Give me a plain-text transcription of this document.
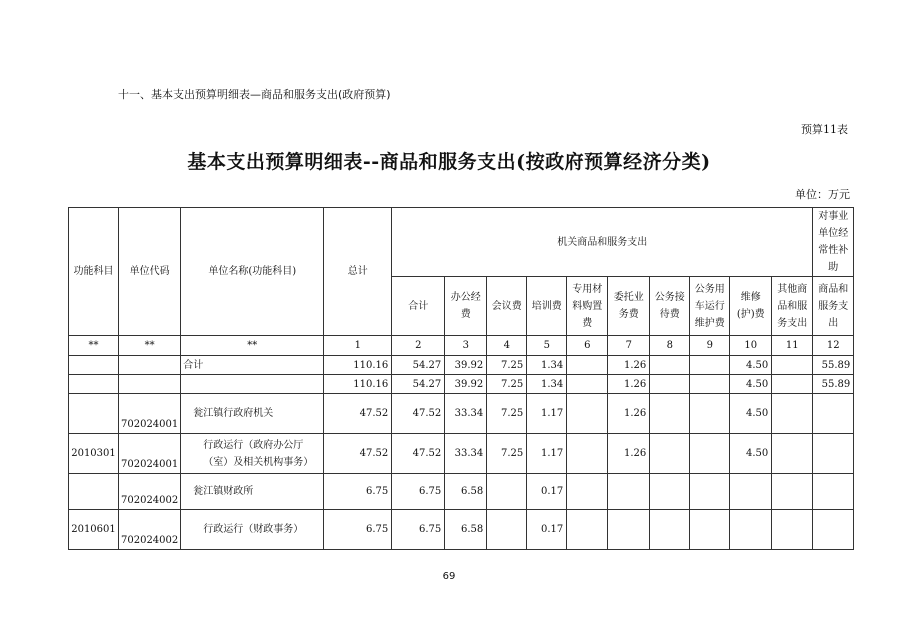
十一、基本支出预算明细表—商品和服务支出(政府预算)
预算11表
基本支出预算明细表--商品和服务支出(按政府预算经济分类)
单位：万元
功能科目	单位代码	单位名称(功能科目)	总计	机关商品和服务支出										对事业单位经常性补助
				合计	办公经费	会议费	培训费	专用材料购置费	委托业务费	公务接待费	公务用车运行维护费	维修(护)费	其他商品和服务支出	商品和服务支出
**	**	**	1	2	3	4	5	6	7	8	9	10	11	12
		合计	110.16	54.27	39.92	7.25	1.34		1.26			4.50		55.89
			110.16	54.27	39.92	7.25	1.34		1.26			4.50		55.89
	702024001	瓮江镇行政府机关	47.52	47.52	33.34	7.25	1.17		1.26			4.50		
2010301	702024001	行政运行（政府办公厅（室）及相关机构事务）	47.52	47.52	33.34	7.25	1.17		1.26			4.50		
	702024002	瓮江镇财政所	6.75	6.75	6.58		0.17							
2010601	702024002	行政运行（财政事务）	6.75	6.75	6.58		0.17							
69
